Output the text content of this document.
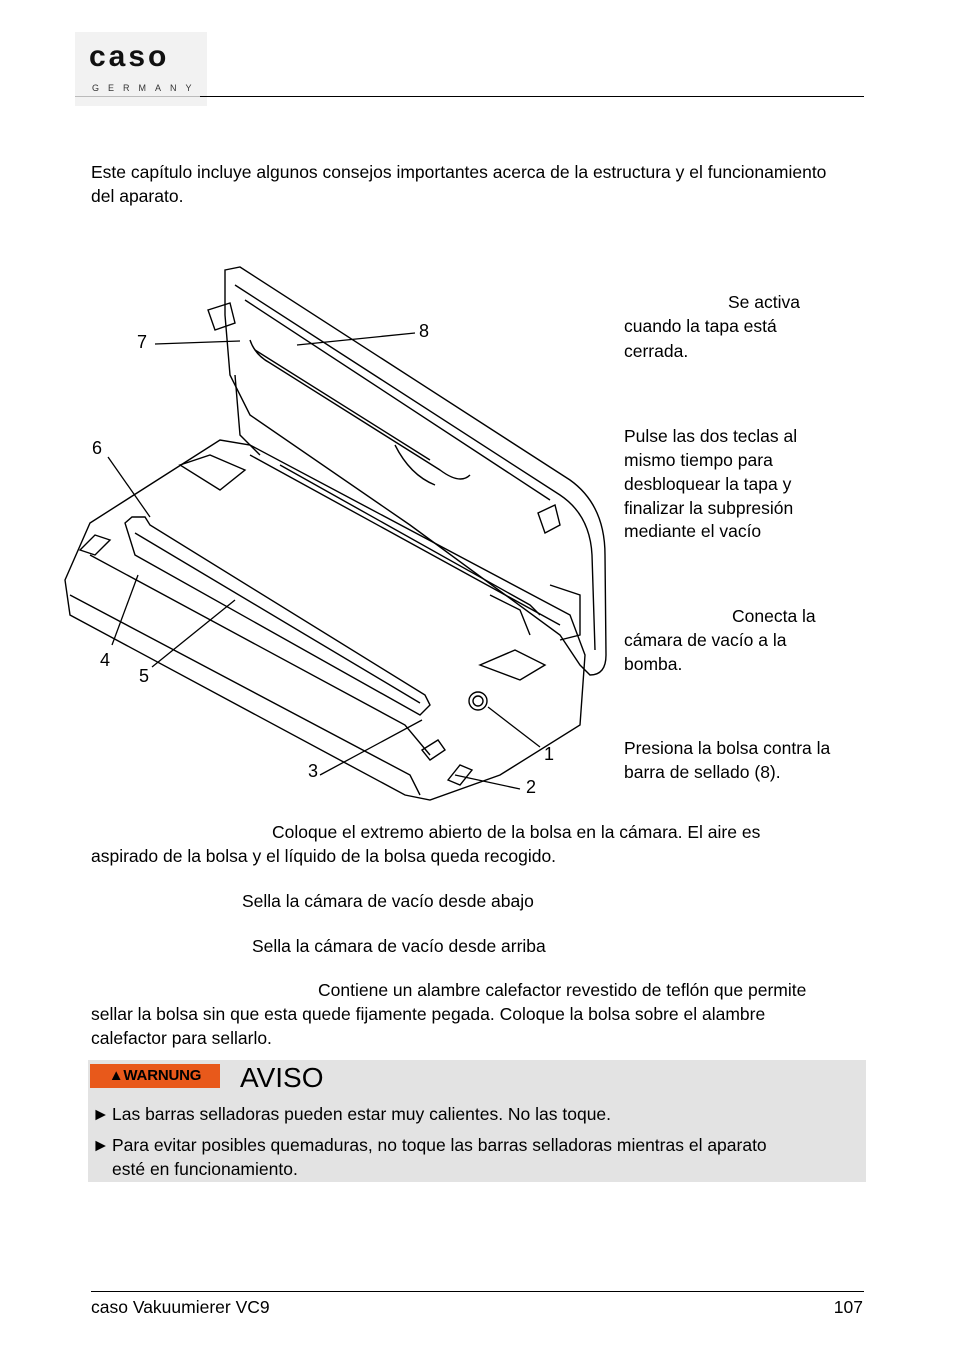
caso
GERMANY
Este capítulo incluye algunos consejos importantes acerca de la estructura y el funcionamiento del aparato.
7
8
6
4
5
3
1
2
Se activa
cuando la tapa está
cerrada.
Pulse las dos teclas al
mismo tiempo para
desbloquear la tapa y
finalizar la subpresión
mediante el vacío
Conecta la
cámara de vacío a la
bomba.
Presiona la bolsa contra la
barra de sellado (8).
Coloque el extremo abierto de la bolsa en la cámara. El aire es
aspirado de la bolsa y el líquido de la bolsa queda recogido.
Sella la cámara de vacío desde abajo
Sella la cámara de vacío desde arriba
Contiene un alambre calefactor revestido de teflón que permite
sellar la bolsa sin que esta quede fijamente pegada. Coloque la bolsa sobre el alambre
calefactor para sellarlo.
▲WARNUNG	AVISO
► Las barras selladoras pueden estar muy calientes. No las toque.
► Para evitar posibles quemaduras, no toque las barras selladoras mientras el aparato
esté en funcionamiento.
caso Vakuumierer VC9	107
